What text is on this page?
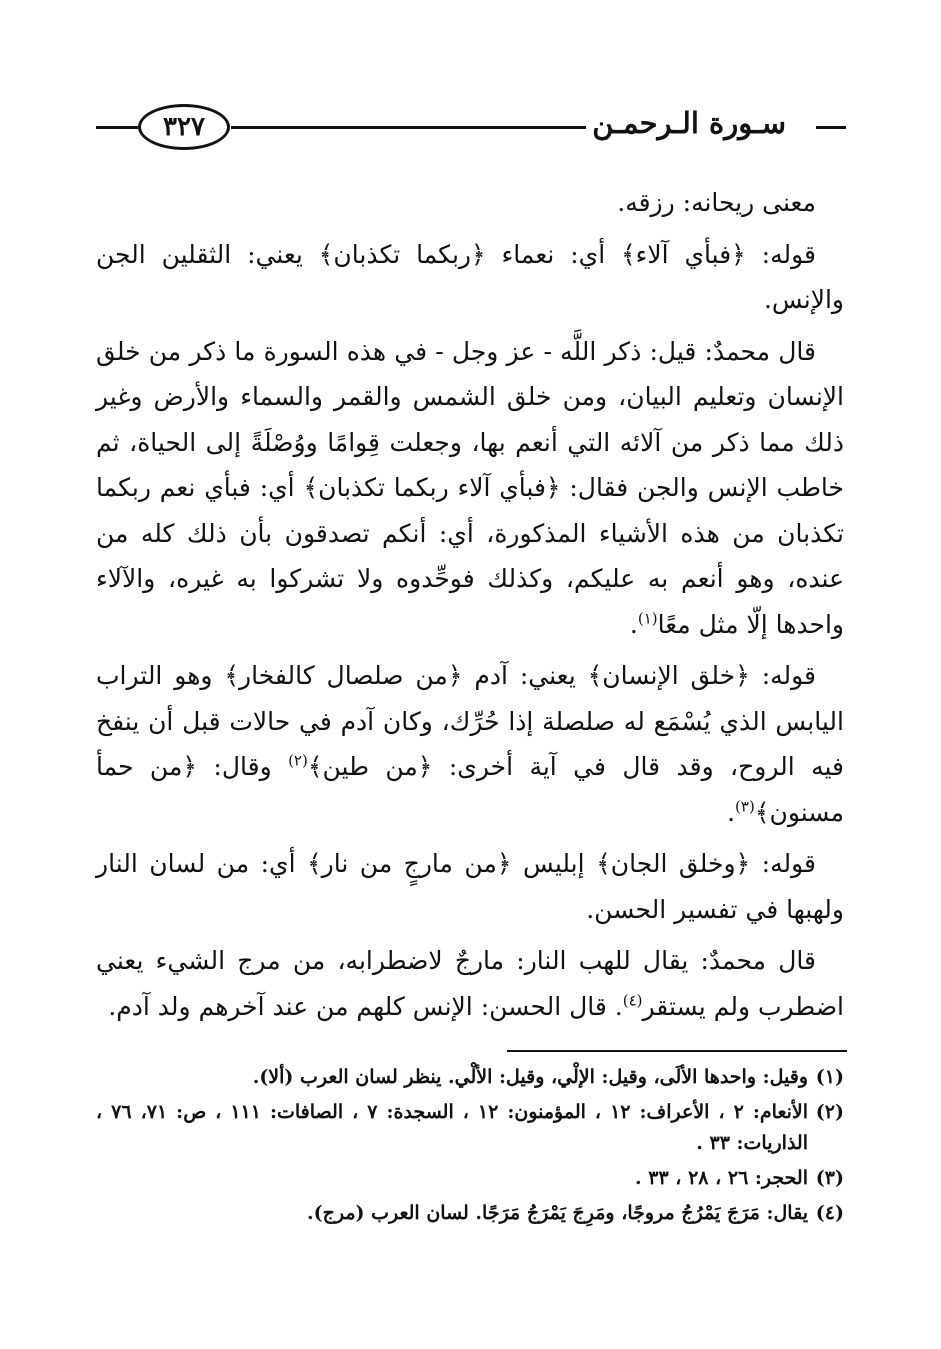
٣٢٧	سـورة الـرحمـن

معنى ريحانه: رزقه.

قوله: ﴿فبأي آلاء﴾ أي: نعماء ﴿ربكما تكذبان﴾ يعني: الثقلين الجن والإنس.

قال محمدٌ: قيل: ذكر اللَّه - عز وجل - في هذه السورة ما ذكر من خلق الإنسان وتعليم البيان، ومن خلق الشمس والقمر والسماء والأرض وغير ذلك مما ذكر من آلائه التي أنعم بها، وجعلت قِوامًا ووُصْلَةً إلى الحياة، ثم خاطب الإنس والجن فقال: ﴿فبأي آلاء ربكما تكذبان﴾ أي: فبأي نعم ربكما تكذبان من هذه الأشياء المذكورة، أي: أنكم تصدقون بأن ذلك كله من عنده، وهو أنعم به عليكم، وكذلك فوحِّدوه ولا تشركوا به غيره، والآلاء واحدها إلّا مثل معًا$^{(١)}$.

قوله: ﴿خلق الإنسان﴾ يعني: آدم ﴿من صلصال كالفخار﴾ وهو التراب اليابس الذي يُسْمَع له صلصلة إذا حُرِّك، وكان آدم في حالات قبل أن ينفخ فيه الروح، وقد قال في آية أخرى: ﴿من طين﴾$^{(٢)}$ وقال: ﴿من حمأ مسنون﴾$^{(٣)}$.

قوله: ﴿وخلق الجان﴾ إبليس ﴿من مارجٍ من نار﴾ أي: من لسان النار ولهبها في تفسير الحسن.

قال محمدٌ: يقال للهب النار: مارجٌ لاضطرابه، من مرج الشيء يعني اضطرب ولم يستقر$^{(٤)}$. قال الحسن: الإنس كلهم من عند آخرهم ولد آدم.

(١)
وقيل: واحدها الألَى، وقيل: الإلْي، وقيل: الألْي. ينظر لسان العرب (ألا).
(٢)
الأنعام: ٢ ، الأعراف: ١٢ ، المؤمنون: ١٢ ، السجدة: ٧ ، الصافات: ١١١ ، ص: ٧١، ٧٦ ، الذاريات: ٣٣ .
(٣)
الحجر: ٢٦ ، ٢٨ ، ٣٣ .
(٤)
يقال: مَرَجَ يَمْرُجُ مروجًا، ومَرِجَ يَمْرَجُ مَرَجًا. لسان العرب (مرج).
